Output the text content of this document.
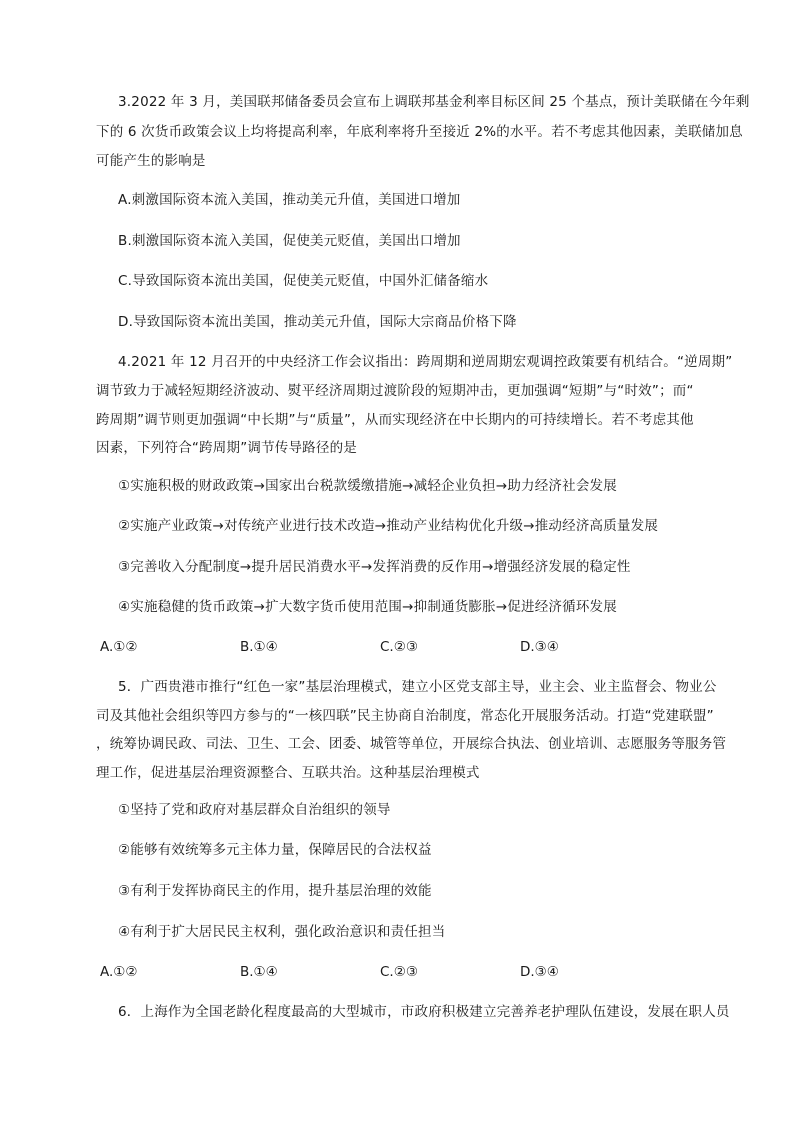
3.2022 年 3 月，美国联邦储备委员会宣布上调联邦基金利率目标区间 25 个基点，预计美联储在今年剩
下的 6 次货币政策会议上均将提高利率，年底利率将升至接近 2%的水平。若不考虑其他因素，美联储加息
可能产生的影响是
A.刺激国际资本流入美国，推动美元升值，美国进口增加
B.刺激国际资本流入美国，促使美元贬值，美国出口增加
C.导致国际资本流出美国，促使美元贬值，中国外汇储备缩水
D.导致国际资本流出美国，推动美元升值，国际大宗商品价格下降
4.2021 年 12 月召开的中央经济工作会议指出：跨周期和逆周期宏观调控政策要有机结合。“逆周期”
调节致力于减轻短期经济波动、熨平经济周期过渡阶段的短期冲击，更加强调“短期”与“时效”；而“
跨周期”调节则更加强调“中长期”与“质量”，从而实现经济在中长期内的可持续增长。若不考虑其他
因素，下列符合“跨周期”调节传导路径的是
①实施积极的财政政策→国家出台税款缓缴措施→减轻企业负担→助力经济社会发展
②实施产业政策→对传统产业进行技术改造→推动产业结构优化升级→推动经济高质量发展
③完善收入分配制度→提升居民消费水平→发挥消费的反作用→增强经济发展的稳定性
④实施稳健的货币政策→扩大数字货币使用范围→抑制通货膨胀→促进经济循环发展
A.①②	B.①④	C.②③	D.③④
5．广西贵港市推行“红色一家”基层治理模式，建立小区党支部主导，业主会、业主监督会、物业公
司及其他社会组织等四方参与的“一核四联”民主协商自治制度，常态化开展服务活动。打造“党建联盟”
，统筹协调民政、司法、卫生、工会、团委、城管等单位，开展综合执法、创业培训、志愿服务等服务管
理工作，促进基层治理资源整合、互联共治。这种基层治理模式
①坚持了党和政府对基层群众自治组织的领导
②能够有效统筹多元主体力量，保障居民的合法权益
③有利于发挥协商民主的作用，提升基层治理的效能
④有利于扩大居民民主权利，强化政治意识和责任担当
A.①②	B.①④	C.②③	D.③④
6．上海作为全国老龄化程度最高的大型城市，市政府积极建立完善养老护理队伍建设，发展在职人员
